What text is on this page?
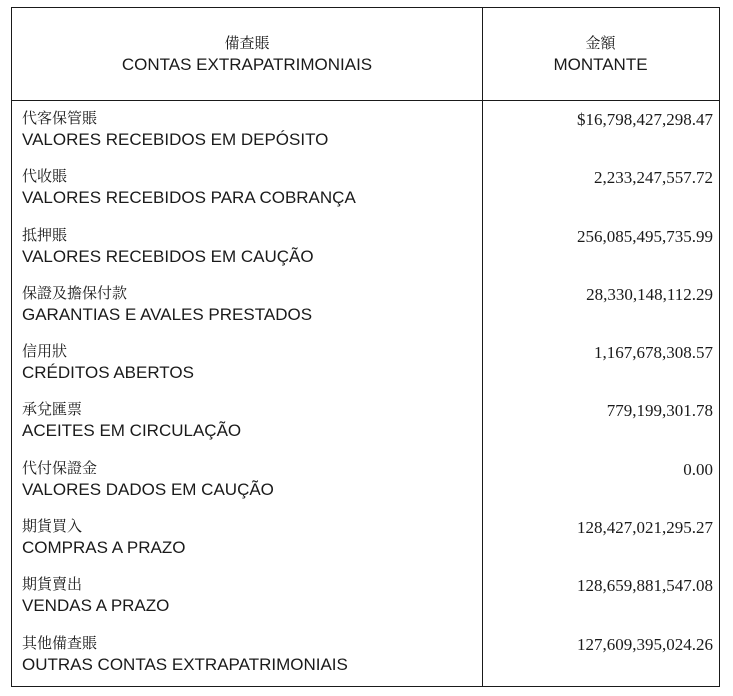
備查賬
CONTAS EXTRAPATRIMONIAIS
金額
MONTANTE
代客保管賬
VALORES RECEBIDOS EM DEPÓSITO
$16,798,427,298.47
代收賬
VALORES RECEBIDOS PARA COBRANÇA
2,233,247,557.72
抵押賬
VALORES RECEBIDOS EM CAUÇÃO
256,085,495,735.99
保證及擔保付款
GARANTIAS E AVALES PRESTADOS
28,330,148,112.29
信用狀
CRÉDITOS ABERTOS
1,167,678,308.57
承兌匯票
ACEITES EM CIRCULAÇÃO
779,199,301.78
代付保證金
VALORES DADOS EM CAUÇÃO
0.00
期貨買入
COMPRAS A PRAZO
128,427,021,295.27
期貨賣出
VENDAS A PRAZO
128,659,881,547.08
其他備查賬
OUTRAS CONTAS EXTRAPATRIMONIAIS
127,609,395,024.26
